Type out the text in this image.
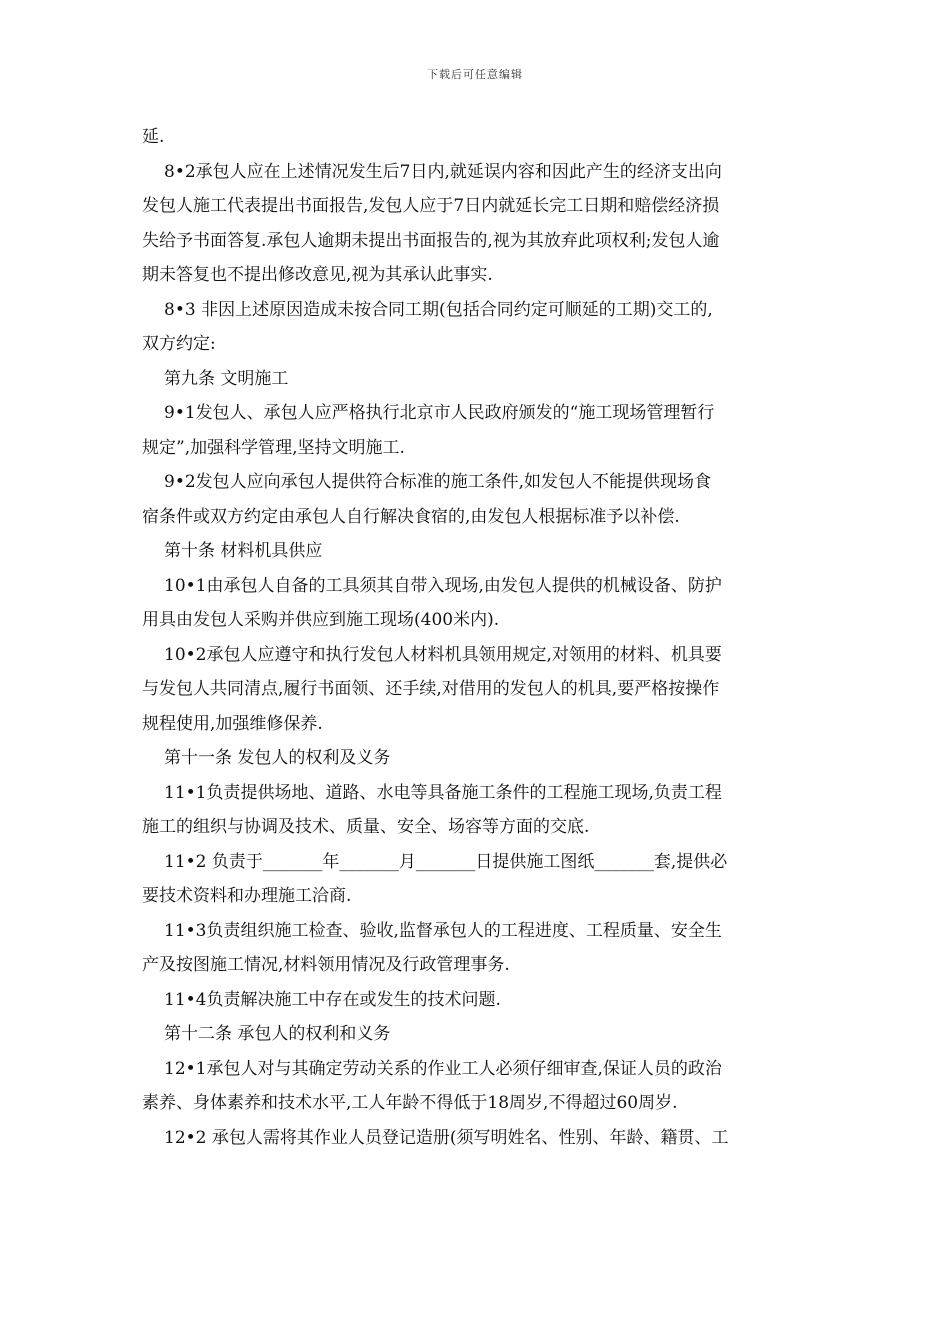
下载后可任意编辑
延.
8•2承包人应在上述情况发生后7日内,就延误内容和因此产生的经济支出向
发包人施工代表提出书面报告,发包人应于7日内就延长完工日期和赔偿经济损
失给予书面答复.承包人逾期未提出书面报告的,视为其放弃此项权利;发包人逾
期未答复也不提出修改意见,视为其承认此事实.
8•3 非因上述原因造成未按合同工期(包括合同约定可顺延的工期)交工的,
双方约定:
第九条 文明施工
9•1发包人、承包人应严格执行北京市人民政府颁发的“施工现场管理暂行
规定”,加强科学管理,坚持文明施工.
9•2发包人应向承包人提供符合标准的施工条件,如发包人不能提供现场食
宿条件或双方约定由承包人自行解决食宿的,由发包人根据标准予以补偿.
第十条 材料机具供应
10•1由承包人自备的工具须其自带入现场,由发包人提供的机械设备、防护
用具由发包人采购并供应到施工现场(400米内).
10•2承包人应遵守和执行发包人材料机具领用规定,对领用的材料、机具要
与发包人共同清点,履行书面领、还手续,对借用的发包人的机具,要严格按操作
规程使用,加强维修保养.
第十一条 发包人的权利及义务
11•1负责提供场地、道路、水电等具备施工条件的工程施工现场,负责工程
施工的组织与协调及技术、质量、安全、场容等方面的交底.
11•2 负责于_______年_______月_______日提供施工图纸_______套,提供必
要技术资料和办理施工洽商.
11•3负责组织施工检查、验收,监督承包人的工程进度、工程质量、安全生
产及按图施工情况,材料领用情况及行政管理事务.
11•4负责解决施工中存在或发生的技术问题.
第十二条 承包人的权利和义务
12•1承包人对与其确定劳动关系的作业工人必须仔细审查,保证人员的政治
素养、身体素养和技术水平,工人年龄不得低于18周岁,不得超过60周岁.
12•2 承包人需将其作业人员登记造册(须写明姓名、性别、年龄、籍贯、工
